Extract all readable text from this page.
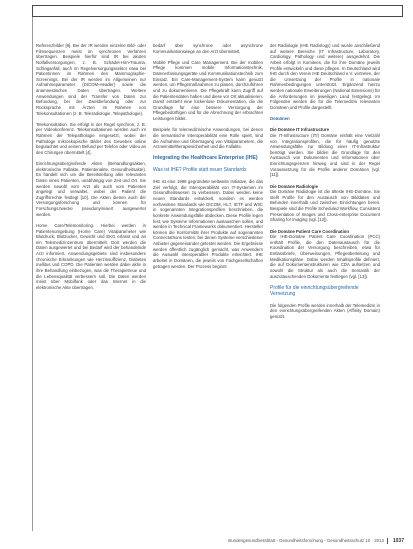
Referenzbilder [9]. Bei der IR werden einzelne Bild- oder Filmsequenzen meist im synchronen Verfahren übertragen. Beispiele hierfür sind IR bei akuten Notfallversorgungen, z. B. Schädel-Hirn-Trauma, Schlaganfall, auch im Regelversorgungssektor etwa bei Patientinnen im Rahmen des Mammographie-Screenings. Bei der IR werden im Allgemeinen nur Aufnahmeparameter (DICOM-Header) sowie die anamnestischen Daten übertragen. Weitere Anwendungen sind der Transfer von Daten zur Befundung, bei der Zweitbefundung oder zur Rücksprache mit Ärzten im Rahmen von Telekonsultationen (z. B. Teleradiologie, Telepathologie).
Telekonsultation. Sie erfolgt in der Regel synchron, z. B. per Videokonferenz. Telekonsultationen werden auch im Rahmen der Telepathologie eingesetzt, wobei der Pathologe mikroskopische Bilder des Gewebes online begutachtet und seinen Befund per Telefon oder Video an den Chirurgen übermittelt [4].
Einrichtungsübergreifende Akten (Behandlungsakten, elektronische Fallakte, Patientenakte, Gesundheitsakte). Es handelt sich um die Bereitstellung aller relevanten Daten eines Patienten, unabhängig von Zeit und Ort. Sie werden sowohl vom Arzt als auch vom Patienten angelegt und verwaltet, wobei der Patient die Zugriffsrechte festlegt [10]. Die Akten dienen auch der Versorgungsforschung und können für Forschungszwecke pseudonymisiert ausgewertet werden.
Home Care/Telemonitoring. Hierbei werden in Patientenumgebung (Home Care) Vitalparameter wie Blutdruck, Blutzucker, Gewicht und EKG erfasst und an ein Telemedizinzentrum übermittelt. Dort werden die Daten ausgewertet und bei Bedarf wird der behandelnde Arzt informiert. Anwendungsgebiete sind insbesondere chronische Erkrankungen wie Herzinsuffizienz, Diabetes mellitus und COPD. Die Patienten werden dabei aktiv in ihre Behandlung einbezogen, was die Therapietreue und die Lebensqualität verbessern soll. Die Daten werden meist über Mobilfunk oder das Internet in die elektronische Akte übertragen.
bedarf über synchrone oder asynchrone Kommunikationswege an den Arzt übermittelt.
Mobile Pflege und Care Management. Bei der mobilen Pflege kommen mobile Informationstechnik, Datenerfassungsgeräte und Kommunikationstechnik zum Einsatz. Ein Care-Management-System kann genutzt werden, um Pflegemaßnahmen zu planen, durchzuführen und zu dokumentieren. Die Pflegekraft kann Zugriff auf die Patientendaten haben und diese vor Ort aktualisieren. Damit entsteht eine lückenlose Dokumentation, die die Grundlage für eine bessere Versorgung der Pflegebedürftigen und für die Abrechnung der erbrachten Leistungen bildet.
Beispiele für telemedizinische Anwendungen, bei denen die semantische Interoperabilität eine Rolle spielt, sind die Aufnahme und Übertragung von Vitalparametern, die Arzneimitteltherapiesicherheit und die Fallakte.
Integrating the Healthcare Enterprise (IHE)
Was ist IHE? Profile statt neuer Standards
IHE ist eine 1998 gegründete weltweite Initiative, die das Ziel verfolgt, die Interoperabilität von IT-Systemen im Gesundheitswesen zu verbessern. Dabei werden keine neuen Standards entwickelt, sondern es werden vorhandene Standards wie DICOM, HL7, IETF und W3C in sogenannten Integrationsprofilen beschrieben, die konkrete Anwendungsfälle abdecken. Diese Profile legen fest, wie Systeme Informationen austauschen sollen, und werden in Technical Frameworks dokumentiert. Hersteller können die Konformität ihrer Produkte auf sogenannten Connectathons testen, bei denen Systeme verschiedener Anbieter gegeneinander getestet werden. Die Ergebnisse werden öffentlich zugänglich gemacht, was Anwendern die Auswahl interoperabler Produkte erleichtert. IHE arbeitet in Domänen, die jeweils von Fachgesellschaften getragen werden. Der Prozess beginnt
der Radiologie (IHE Radiology) und wurde anschließend auf weitere Bereiche (IT Infrastructure, Laboratory, Cardiology, Pathology und weitere) ausgedehnt. Die Arbeit erfolgt in Komitees, die für ihre Domäne jeweils Profile entwickeln und diese pflegen. In Deutschland wird IHE durch den Verein IHE Deutschland e.V. vertreten, der die Umsetzung der Profile in nationale Rahmenbedingungen unterstützt. Ergänzend hierzu werden nationale Erweiterungen (National Extensions) für die Anforderungen im jeweiligen Land festgelegt. Im Folgenden werden die für die Telemedizin relevanten Domänen und Profile dargestellt.
Domänen
Die Domäne IT Infrastructure
Die IT-Infrastructure (ITI) Domäne enthält eine Vielzahl von Integrationsprofilen, die für häufig genutzte Anwendungsfälle zur Bildung einer IT-Infrastruktur benötigt werden. Sie bilden die Grundlage für den Austausch von Dokumenten und Informationen über Einrichtungsgrenzen hinweg und sind in der Regel Voraussetzung für die Profile anderer Domänen (vgl. [11]).
Die Domäne Radiologie
Die Domäne Radiologie ist die älteste IHE-Domäne. Sie stellt Profile für den Austausch von Bilddaten und Befunden innerhalb und zwischen Einrichtungen bereit. Beispiele sind die Profile Scheduled Workflow, Consistent Presentation of Images und Cross-enterprise Document Sharing for Imaging (vgl. [12]).
Die Domäne Patient Care Coordination
Die IHE-Domäne Patient Care Coordination (PCC) enthält Profile, die den Datenaustausch für die Koordination der Versorgung beschreiben, etwa für Entlassbriefe, Überweisungen, Pflegeüberleitung und Medikationspläne. Dabei werden Inhaltsprofile definiert, die auf Dokumentenstrukturen wie CDA aufsetzen und sowohl die Struktur als auch die Semantik der auszutauschenden Dokumente festlegen (vgl. [13]).
Profile für die einrichtungsübergreifende Vernetzung
Die folgenden Profile werden innerhalb der Telemedizin in den einrichtungsübergreifenden Akten (Affinity Domain) genutzt.
Bundesgesundheitsblatt - Gesundheitsforschung - Gesundheitsschutz 10 · 2013 1037
